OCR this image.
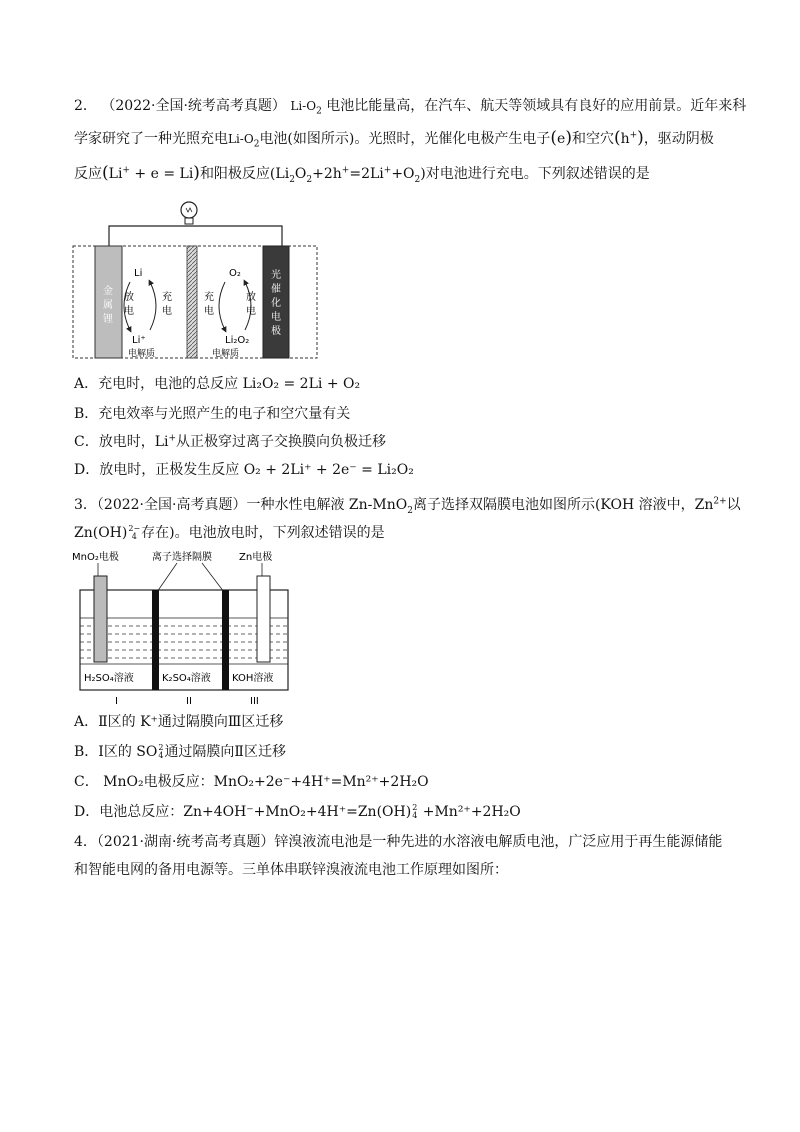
2． （2022·全国·统考高考真题） $Li-O_2$ 电池比能量高，在汽车、航天等领域具有良好的应用前景。近年来科
学家研究了一种光照充电$Li-O_2$电池(如图所示)。光照时，光催化电极产生电子(e)和空穴(h+)，驱动阴极
反应(Li+ + e = Li)和阳极反应$(Li_2O_2+2h^+=2Li^++O_2)$对电池进行充电。下列叙述错误的是
金
属
锂
光
催
化
电
极
Li
Li⁺
放
电
充
电
O₂
Li₂O₂
充
电
放
电
电解质	电解质
A．充电时，电池的总反应 Li₂O₂ = 2Li + O₂
B．充电效率与光照产生的电子和空穴量有关
C．放电时，Li+从正极穿过离子交换膜向负极迁移
D．放电时，正极发生反应 O₂ + 2Li⁺ + 2e⁻ = Li₂O₂
3．（2022·全国·高考真题）一种水性电解液 Zn-MnO$_2$离子选择双隔膜电池如图所示(KOH 溶液中，$Zn^{2+}$以
Zn(OH) 2−
4 存在)。电池放电时，下列叙述错误的是
MnO₂电极	离子选择隔膜	Zn电极
H₂SO₄溶液	K₂SO₄溶液 KOH溶液
I	II	III
A．Ⅱ区的 K⁺通过隔膜向Ⅲ区迁移
B．Ⅰ区的 SO 2
4 通过隔膜向Ⅱ区迁移
C． MnO₂电极反应：MnO₂+2e⁻+4H⁺=Mn²⁺+2H₂O
D．电池总反应：Zn+4OH⁻+MnO₂+4H⁺=Zn(OH) 2
4 +Mn²⁺+2H₂O
4．（2021·湖南·统考高考真题）锌溴液流电池是一种先进的水溶液电解质电池，广泛应用于再生能源储能
和智能电网的备用电源等。三单体串联锌溴液流电池工作原理如图所：
